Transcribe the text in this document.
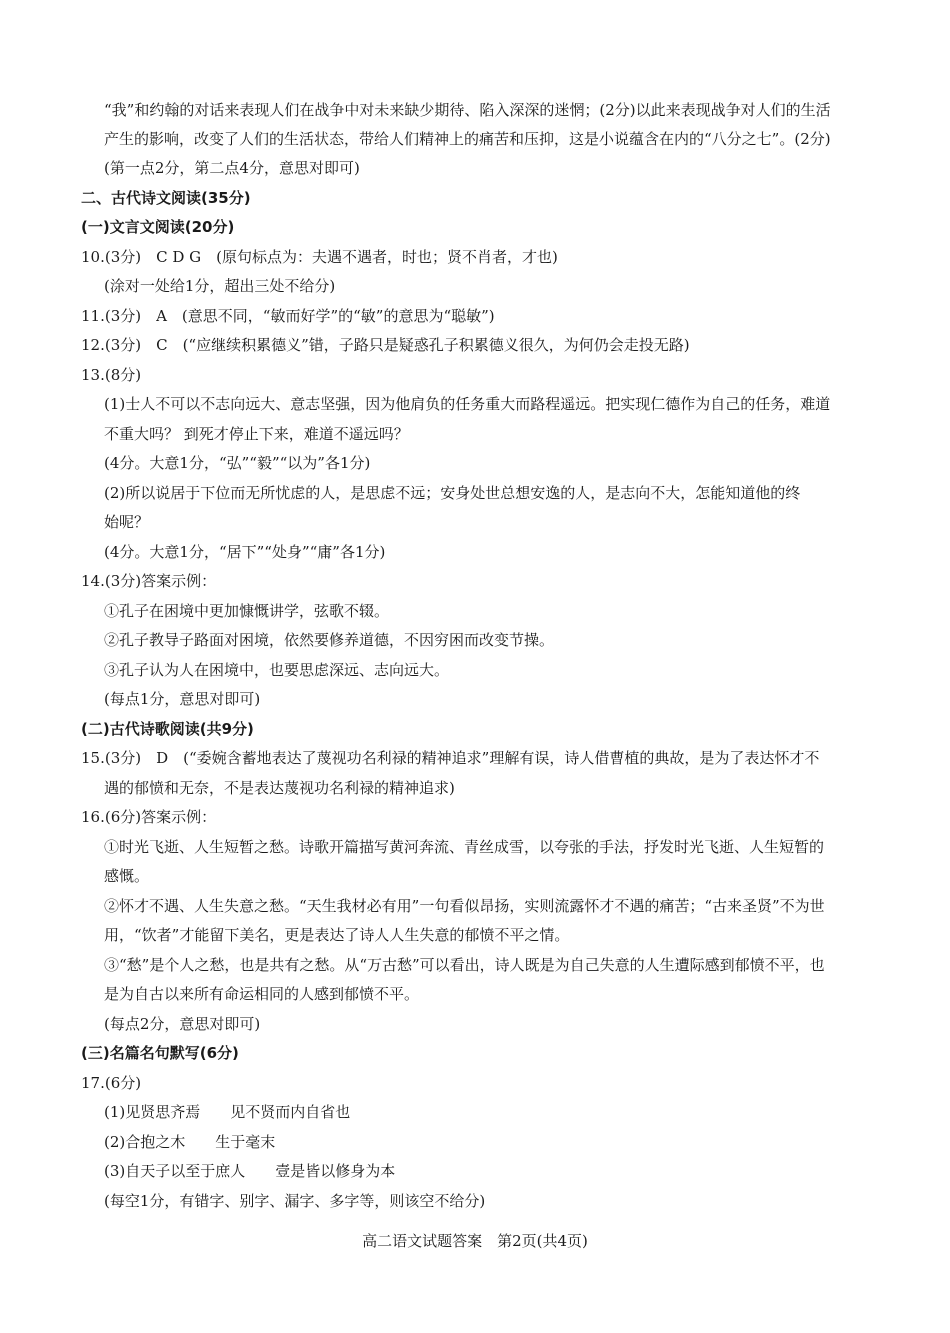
“我”和约翰的对话来表现人们在战争中对未来缺少期待、陷入深深的迷惘；(2分)以此来表现战争对人们的生活
产生的影响，改变了人们的生活状态，带给人们精神上的痛苦和压抑，这是小说蕴含在内的“八分之七”。(2分)
(第一点2分，第二点4分，意思对即可)
二、古代诗文阅读(35分)
(一)文言文阅读(20分)
10.(3分)　C D G　(原句标点为：夫遇不遇者，时也；贤不肖者，才也)
(涂对一处给1分，超出三处不给分)
11.(3分)　A　(意思不同，“敏而好学”的“敏”的意思为“聪敏”)
12.(3分)　C　(“应继续积累德义”错，子路只是疑惑孔子积累德义很久，为何仍会走投无路)
13.(8分)
(1)士人不可以不志向远大、意志坚强，因为他肩负的任务重大而路程遥远。把实现仁德作为自己的任务，难道
不重大吗？ 到死才停止下来，难道不遥远吗？
(4分。大意1分，“弘”“毅”“以为”各1分)
(2)所以说居于下位而无所忧虑的人，是思虑不远；安身处世总想安逸的人，是志向不大，怎能知道他的终
始呢？
(4分。大意1分，“居下”“处身”“庸”各1分)
14.(3分)答案示例：
①孔子在困境中更加慷慨讲学，弦歌不辍。
②孔子教导子路面对困境，依然要修养道德，不因穷困而改变节操。
③孔子认为人在困境中，也要思虑深远、志向远大。
(每点1分，意思对即可)
(二)古代诗歌阅读(共9分)
15.(3分)　D　(“委婉含蓄地表达了蔑视功名利禄的精神追求”理解有误，诗人借曹植的典故，是为了表达怀才不
遇的郁愤和无奈，不是表达蔑视功名利禄的精神追求)
16.(6分)答案示例：
①时光飞逝、人生短暂之愁。诗歌开篇描写黄河奔流、青丝成雪，以夸张的手法，抒发时光飞逝、人生短暂的
感慨。
②怀才不遇、人生失意之愁。“天生我材必有用”一句看似昂扬，实则流露怀才不遇的痛苦；“古来圣贤”不为世
用，“饮者”才能留下美名，更是表达了诗人人生失意的郁愤不平之情。
③“愁”是个人之愁，也是共有之愁。从“万古愁”可以看出，诗人既是为自己失意的人生遭际感到郁愤不平，也
是为自古以来所有命运相同的人感到郁愤不平。
(每点2分，意思对即可)
(三)名篇名句默写(6分)
17.(6分)
(1)见贤思齐焉 见不贤而内自省也
(2)合抱之木 生于毫末
(3)自天子以至于庶人 壹是皆以修身为本
(每空1分，有错字、别字、漏字、多字等，则该空不给分)
高二语文试题答案　第2页(共4页)
